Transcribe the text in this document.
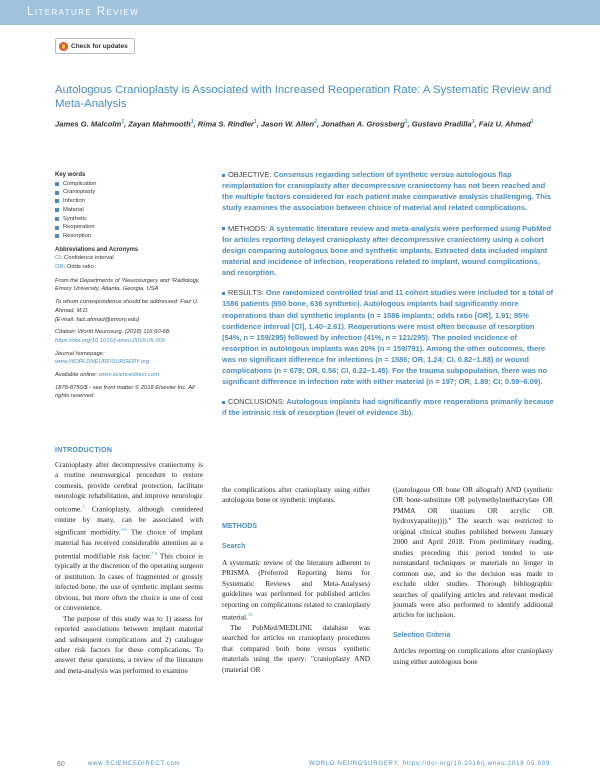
Literature Review
Check for updates
Autologous Cranioplasty is Associated with Increased Reoperation Rate: A Systematic Review and Meta-Analysis
James G. Malcolm$^1$, Zayan Mahmooth$^1$, Rima S. Rindler$^1$, Jason W. Allen$^2$, Jonathan A. Grossberg$^1$, Gustavo Pradilla$^1$, Faiz U. Ahmad$^1$
Key words
Complication
Cranioplasty
Infection
Material
Synthetic
Reoperation
Resorption
Abbreviations and Acronyms
CI: Confidence interval
OR: Odds ratio
From the Departments of ¹Neurosurgery and ²Radiology, Emory University, Atlanta, Georgia, USA
To whom correspondence should be addressed: Faiz U. Ahmad, M.D.
[E-mail: faiz.ahmad@emory.edu]
Citation: World Neurosurg. (2018) 116:60-68.
https://doi.org/10.1016/j.wneu.2018.05.009
Journal homepage: www.WORLDNEUROSURGERY.org
Available online: www.sciencedirect.com
1878-8750/$ - see front matter © 2018 Elsevier Inc. All rights reserved.

OBJECTIVE: Consensus regarding selection of synthetic versus autologous flap reimplantation for cranioplasty after decompressive craniectomy has not been reached and the multiple factors considered for each patient make comparative analysis challenging. This study examines the association between choice of material and related complications.

METHODS: A systematic literature review and meta-analysis were performed using PubMed for articles reporting delayed cranioplasty after decompressive craniectomy using a cohort design comparing autologous bone and synthetic implants. Extracted data included implant material and incidence of infection, reoperations related to implant, wound complications, and resorption.

RESULTS: One randomized controlled trial and 11 cohort studies were included for a total of 1586 patients (950 bone, 636 synthetic). Autologous implants had significantly more reoperations than did synthetic implants (n = 1586 implants; odds ratio [OR], 1.91; 95% confidence interval [CI], 1.40–2.61). Reoperations were most often because of resorption (54%, n = 159/295) followed by infection (41%, n = 121/295). The pooled incidence of resorption in autologous implants was 20% (n = 159/791). Among the other outcomes, there was no significant difference for infections (n = 1586; OR, 1.24; CI, 0.82–1.88) or wound complications (n = 678; OR, 0.56; CI, 0.22–1.45). For the trauma subpopulation, there was no significant difference in infection rate with either material (n = 197; OR, 1.89; CI; 0.59–6.09).

CONCLUSIONS: Autologous implants had significantly more reoperations primarily because if the intrinsic risk of resorption (level of evidence 3b).

INTRODUCTION

Cranioplasty after decompressive craniectomy is a routine neurosurgical procedure to restore cosmesis, provide cerebral protection, facilitate neurologic rehabilitation, and improve neurologic outcome.$^1$ Cranioplasty, although considered routine by many, can be associated with significant morbidity.$^{2-6}$ The choice of implant material has received considerable attention as a potential modifiable risk factor.$^{7-9}$ This choice is typically at the discretion of the operating surgeon or institution. In cases of fragmented or grossly infected bone, the use of synthetic implant seems obvious, but more often the choice is one of cost or convenience.

The purpose of this study was to 1) assess for reported associations between implant material and subsequent complications and 2) catalogue other risk factors for these complications. To answer these questions, a review of the literature and meta-analysis was performed to examine

the complications after cranioplasty using either autologous bone or synthetic implants.

METHODS
Search

A systematic review of the literature adherent to PRISMA (Preferred Reporting Items for Systematic Reviews and Meta-Analyses) guidelines was performed for published articles reporting on complications related to cranioplasty material.$^{10}$

The PubMed/MEDLINE database was searched for articles on cranioplasty procedures that compared both bone versus synthetic materials using the query: "cranioplasty AND (material OR

((autologous OR bone OR allograft) AND (synthetic OR bone-substitute OR polymethylmethacrylate OR PMMA OR titanium OR acrylic OR hydroxyapatite))))." The search was restricted to original clinical studies published between January 2000 and April 2018. From preliminary reading, studies preceding this period tended to use nonstandard techniques or materials no longer in common use, and so the decision was made to exclude older studies. Thorough bibliographic searches of qualifying articles and relevant medical journals were also performed to identify additional articles for inclusion.

Selection Criteria

Articles reporting on complications after cranioplasty using either autologous bone

60	www.SCIENCEDIRECT.com	WORLD NEUROSURGERY, https://doi.org/10.1016/j.wneu.2018.05.009
